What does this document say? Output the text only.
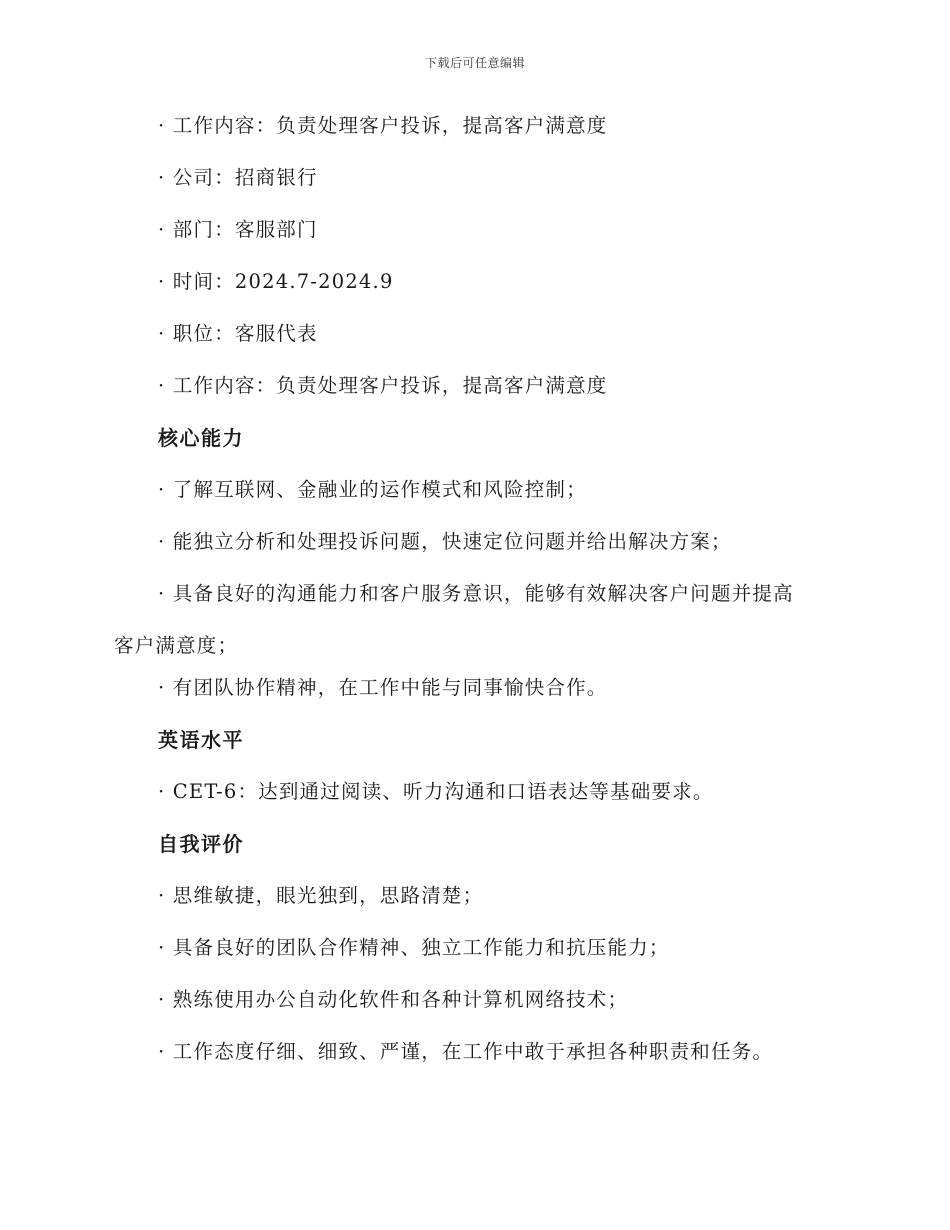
下载后可任意编辑
· 工作内容：负责处理客户投诉，提高客户满意度
· 公司：招商银行
· 部门：客服部门
· 时间：2024.7-2024.9
· 职位：客服代表
· 工作内容：负责处理客户投诉，提高客户满意度
核心能力
· 了解互联网、金融业的运作模式和风险控制；
· 能独立分析和处理投诉问题，快速定位问题并给出解决方案；
· 具备良好的沟通能力和客户服务意识，能够有效解决客户问题并提高
客户满意度；
· 有团队协作精神，在工作中能与同事愉快合作。
英语水平
· CET-6：达到通过阅读、听力沟通和口语表达等基础要求。
自我评价
· 思维敏捷，眼光独到，思路清楚；
· 具备良好的团队合作精神、独立工作能力和抗压能力；
· 熟练使用办公自动化软件和各种计算机网络技术；
· 工作态度仔细、细致、严谨，在工作中敢于承担各种职责和任务。
